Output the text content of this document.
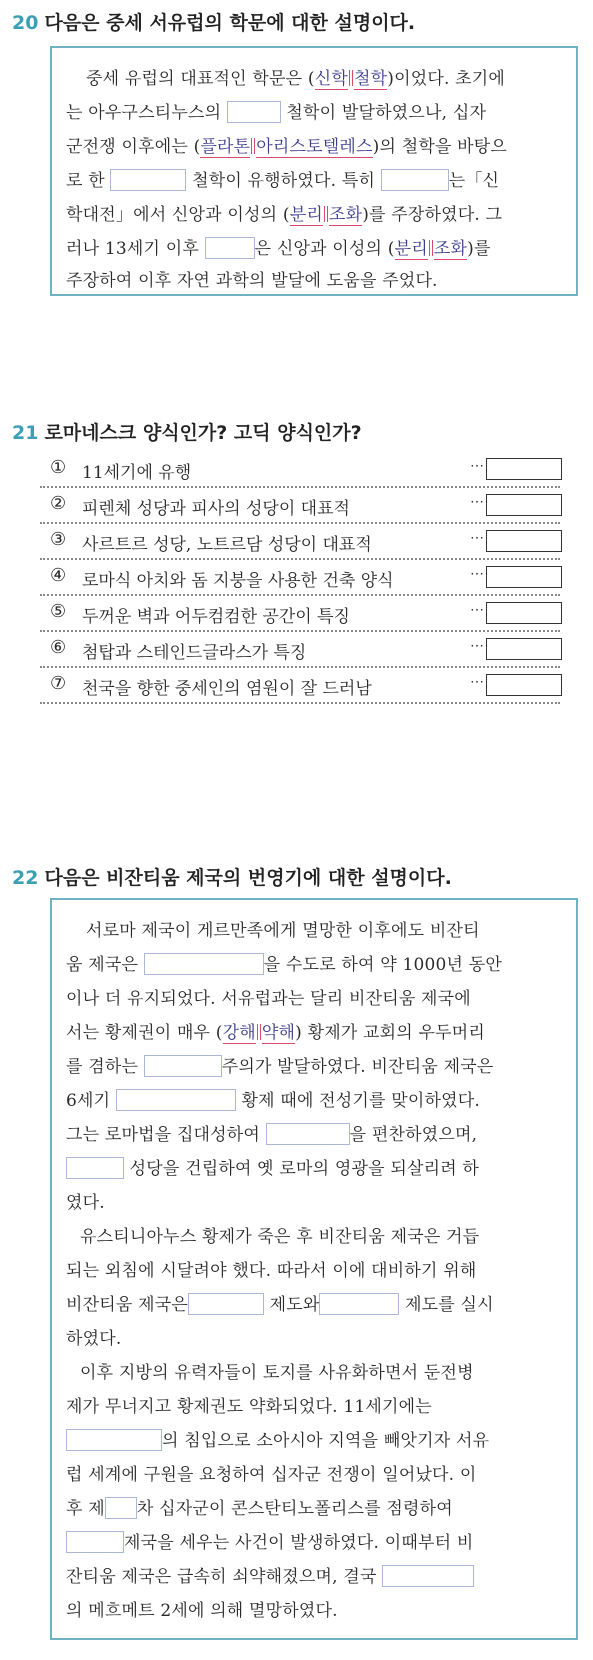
20 다음은 중세 서유럽의 학문에 대한 설명이다.
중세 유럽의 대표적인 학문은 (신학 철학)이었다. 초기에
는 아우구스티누스의	철학이 발달하였으나, 십자
군전쟁 이후에는 (플라톤 아리스토텔레스)의 철학을 바탕으
로 한	철학이 유행하였다. 특히	는「신
학대전」에서 신앙과 이성의 (분리 조화)를 주장하였다. 그
러나 13세기 이후	은 신앙과 이성의 (분리 조화)를
주장하여 이후 자연 과학의 발달에 도움을 주었다.
21 로마네스크 양식인가? 고딕 양식인가?
① 11세기에 유행	⋯
② 피렌체 성당과 피사의 성당이 대표적	⋯
③ 사르트르 성당, 노트르담 성당이 대표적	⋯
④ 로마식 아치와 돔 지붕을 사용한 건축 양식	⋯
⑤ 두꺼운 벽과 어두컴컴한 공간이 특징	⋯
⑥ 첨탑과 스테인드글라스가 특징	⋯
⑦ 천국을 향한 중세인의 염원이 잘 드러남	⋯
22 다음은 비잔티움 제국의 번영기에 대한 설명이다.
서로마 제국이 게르만족에게 멸망한 이후에도 비잔티
움 제국은	을 수도로 하여 약 1000년 동안
이나 더 유지되었다. 서유럽과는 달리 비잔티움 제국에
서는 황제권이 매우 (강해 약해) 황제가 교회의 우두머리
를 겸하는	주의가 발달하였다. 비잔티움 제국은
6세기	황제 때에 전성기를 맞이하였다.
그는 로마법을 집대성하여	을 편찬하였으며,
성당을 건립하여 옛 로마의 영광을 되살리려 하
였다.
유스티니아누스 황제가 죽은 후 비잔티움 제국은 거듭
되는 외침에 시달려야 했다. 따라서 이에 대비하기 위해
비잔티움 제국은	제도와	제도를 실시
하였다.
이후 지방의 유력자들이 토지를 사유화하면서 둔전병
제가 무너지고 황제권도 약화되었다. 11세기에는
의 침입으로 소아시아 지역을 빼앗기자 서유
럽 세계에 구원을 요청하여 십자군 전쟁이 일어났다. 이
후 제 차 십자군이 콘스탄티노폴리스를 점령하여
제국을 세우는 사건이 발생하였다. 이때부터 비
잔티움 제국은 급속히 쇠약해졌으며, 결국
의 메흐메트 2세에 의해 멸망하였다.
